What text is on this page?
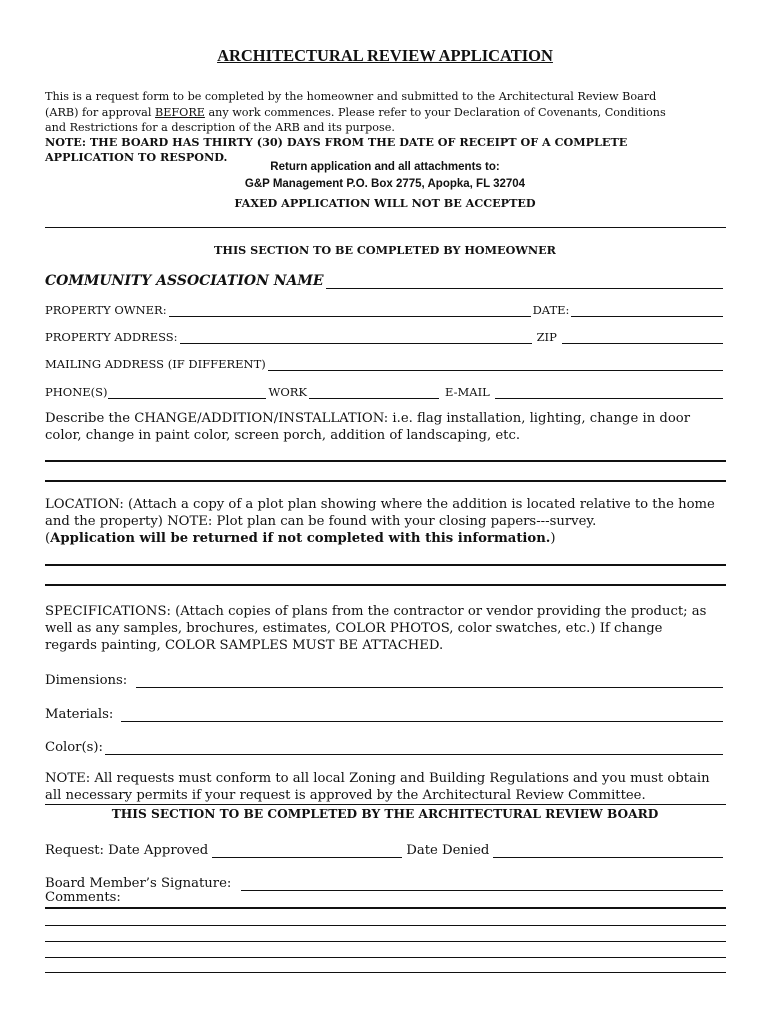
ARCHITECTURAL REVIEW APPLICATION
This is a request form to be completed by the homeowner and submitted to the Architectural Review Board
(ARB) for approval BEFORE any work commences. Please refer to your Declaration of Covenants, Conditions
and Restrictions for a description of the ARB and its purpose.
NOTE: THE BOARD HAS THIRTY (30) DAYS FROM THE DATE OF RECEIPT OF A COMPLETE
APPLICATION TO RESPOND.
Return application and all attachments to:
G&P Management P.O. Box 2775, Apopka, FL 32704
FAXED APPLICATION WILL NOT BE ACCEPTED
THIS SECTION TO BE COMPLETED BY HOMEOWNER
COMMUNITY ASSOCIATION NAME
PROPERTY OWNER:	DATE:
PROPERTY ADDRESS:	ZIP
MAILING ADDRESS (IF DIFFERENT)
PHONE(S)	WORK	E-MAIL
Describe the CHANGE/ADDITION/INSTALLATION: i.e. flag installation, lighting, change in door
color, change in paint color, screen porch, addition of landscaping, etc.
LOCATION: (Attach a copy of a plot plan showing where the addition is located relative to the home
and the property) NOTE: Plot plan can be found with your closing papers---survey.
(Application will be returned if not completed with this information.)
SPECIFICATIONS: (Attach copies of plans from the contractor or vendor providing the product; as
well as any samples, brochures, estimates, COLOR PHOTOS, color swatches, etc.) If change
regards painting, COLOR SAMPLES MUST BE ATTACHED.
Dimensions:
Materials:
Color(s):
NOTE: All requests must conform to all local Zoning and Building Regulations and you must obtain
all necessary permits if your request is approved by the Architectural Review Committee.
THIS SECTION TO BE COMPLETED BY THE ARCHITECTURAL REVIEW BOARD
Request: Date Approved	Date Denied
Board Member’s Signature:
Comments:
